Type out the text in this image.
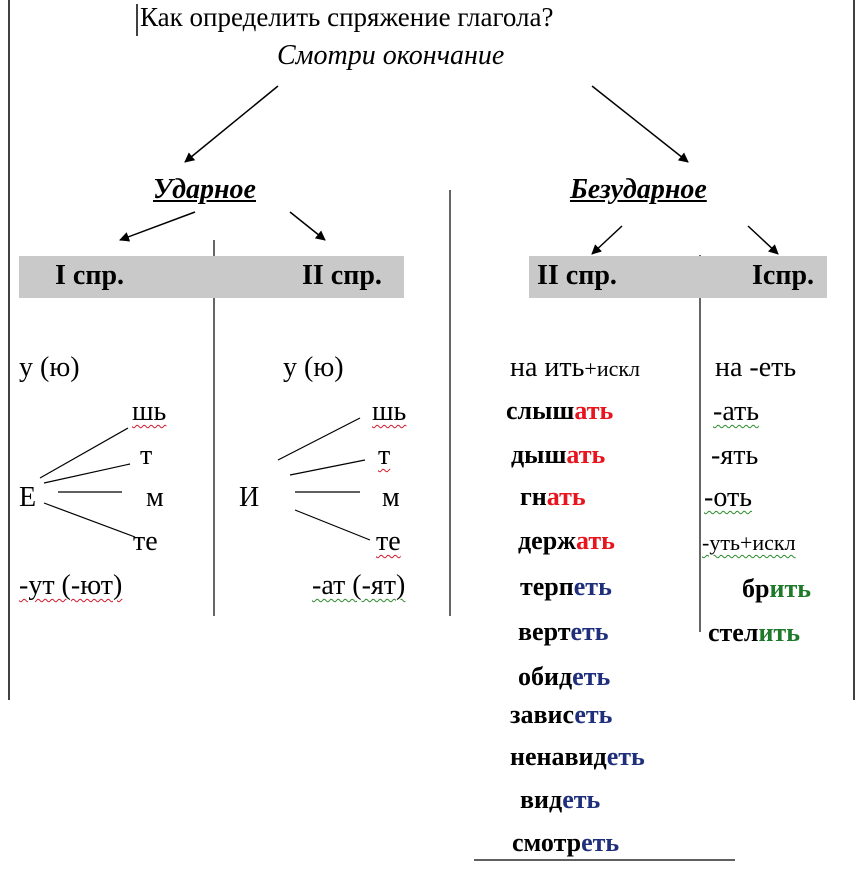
Как определить спряжение глагола?
Смотри окончание
Ударное	Безударное
I спр.	II спр.	II спр.	Iспр.
у (ю)
шь
т
Е	м
те
-ут (-ют)
у (ю)
шь
т
И	м
те
-ат (-ят)
на ить+искл
слышать
дышать
гнать
держать
терпеть
вертеть
обидеть
зависеть
ненавидеть
видеть
смотреть
на -еть
-ать
-ять
-оть
-уть+искл
брить
стелить
